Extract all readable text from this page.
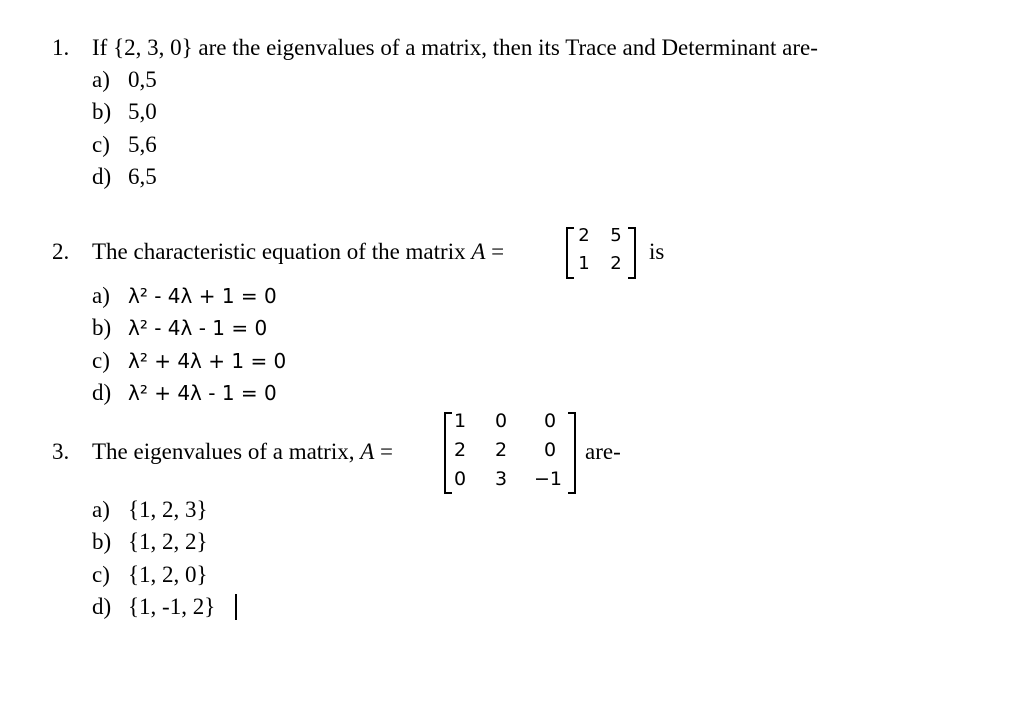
1. If {2, 3, 0} are the eigenvalues of a matrix, then its Trace and Determinant are-
a) 0,5
b) 5,0
c) 5,6
d) 6,5
2. The characteristic equation of the matrix A =
2 5
1 2 is
a) λ² - 4λ + 1 = 0
b) λ² - 4λ - 1 = 0
c) λ² + 4λ + 1 = 0
d) λ² + 4λ - 1 = 0
3. The eigenvalues of a matrix, A =
1 0	0
2 2	0
0 3 −1
are-
a) {1, 2, 3}
b) {1, 2, 2}
c) {1, 2, 0}
d) {1, -1, 2}
